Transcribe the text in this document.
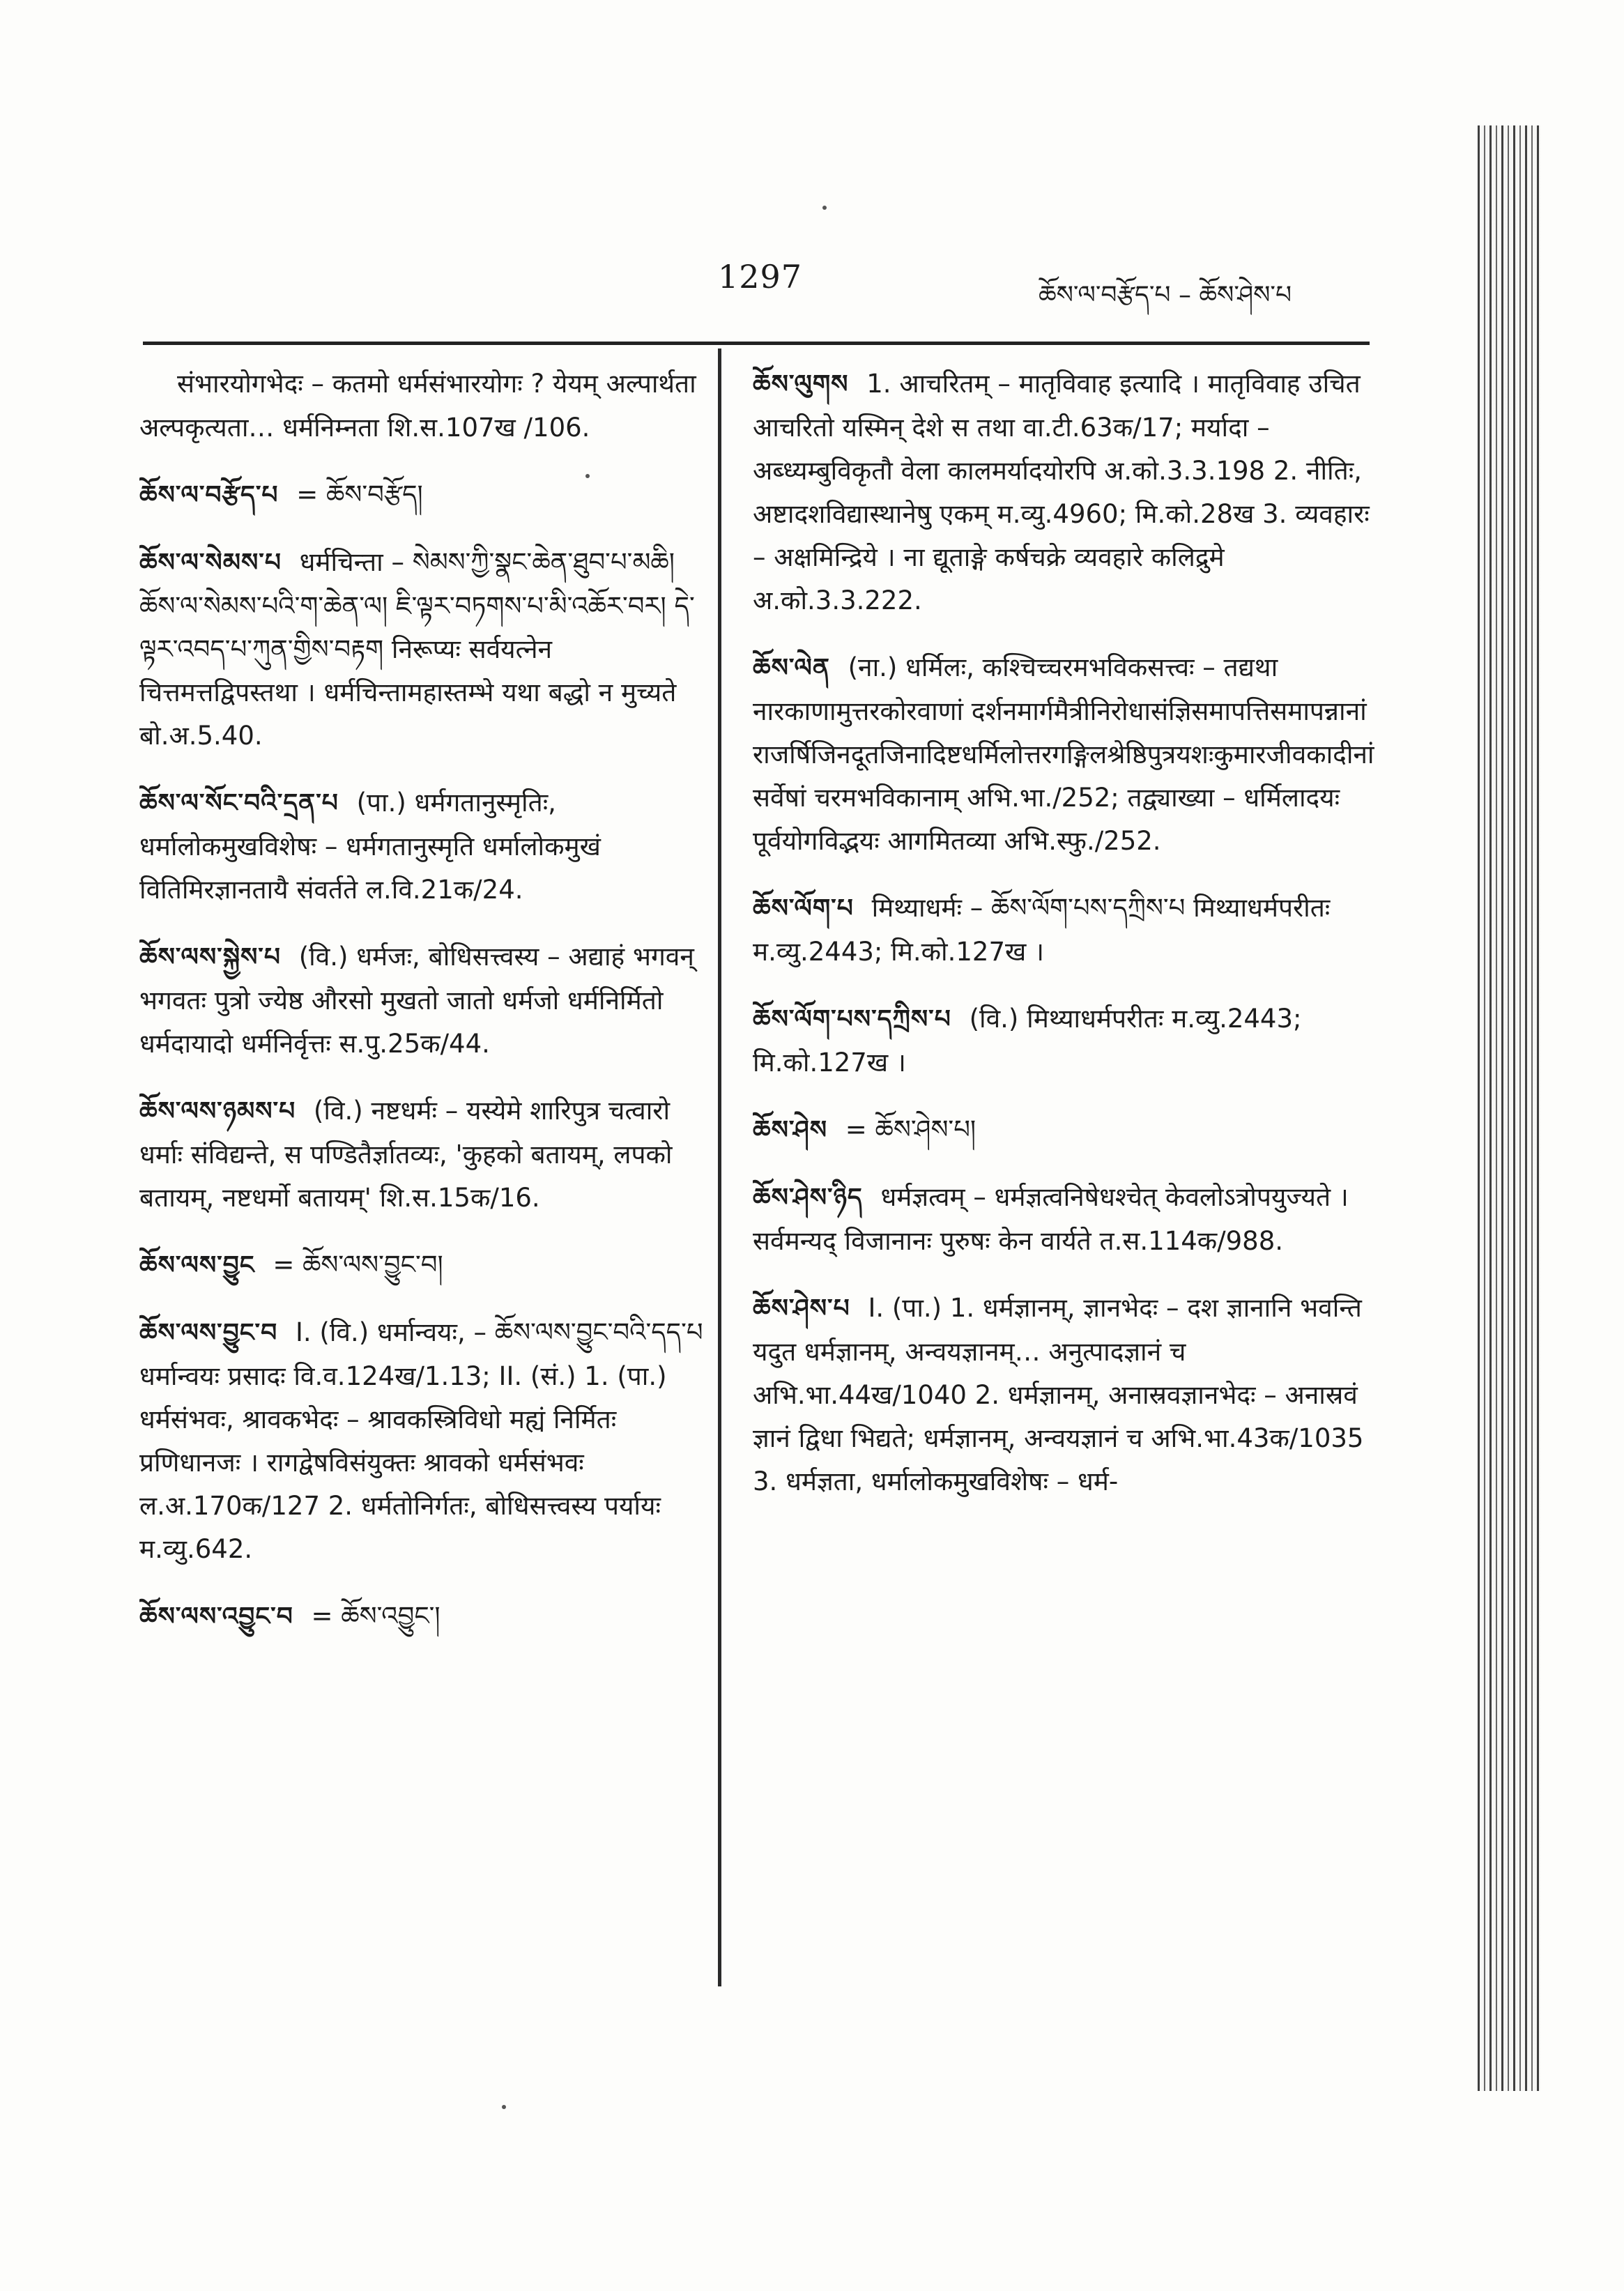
1297	ཆོས་ལ་བརྩོད་པ – ཆོས་ཤེས་པ
संभारयोगभेदः – कतमो धर्मसंभारयोगः ? येयम् अल्पार्थता अल्पकृत्यता… धर्मनिम्नता शि.स.107ख /106.
ཆོས་ལ་བརྩོད་པ = ཆོས་བརྩོད།
ཆོས་ལ་སེམས་པ धर्मचिन्ता – སེམས་ཀྱི་སྣང་ཆེན་ཐུབ་པ་མཆི། ཆོས་ལ་སེམས་པའི་ག་ཆེན་ལ། ཇི་ལྟར་བཏགས་པ་མི་འཆོར་བར། དེ་ལྟར་འབད་པ་ཀུན་གྱིས་བརྟག निरूप्यः सर्वयत्नेन चित्तमत्तद्विपस्तथा । धर्मचिन्तामहास्तम्भे यथा बद्धो न मुच्यते बो.अ.5.40.
ཆོས་ལ་སོང་བའི་དྲན་པ (पा.) धर्मगतानुस्मृतिः, धर्मालोकमुखविशेषः – धर्मगतानुस्मृति धर्मालोकमुखं वितिमिरज्ञानतायै संवर्तते ल.वि.21क/24.
ཆོས་ལས་སྐྱེས་པ (वि.) धर्मजः, बोधिसत्त्वस्य – अद्याहं भगवन् भगवतः पुत्रो ज्येष्ठ औरसो मुखतो जातो धर्मजो धर्मनिर्मितो धर्मदायादो धर्मनिर्वृत्तः स.पु.25क/44.
ཆོས་ལས་ཉམས་པ (वि.) नष्टधर्मः – यस्येमे शारिपुत्र चत्वारो धर्माः संविद्यन्ते, स पण्डितैर्ज्ञातव्यः, 'कुहको बतायम्, लपको बतायम्, नष्टधर्मो बतायम्' शि.स.15क/16.
ཆོས་ལས་བྱུང = ཆོས་ལས་བྱུང་བ།
ཆོས་ལས་བྱུང་བ I. (वि.) धर्मान्वयः, – ཆོས་ལས་བྱུང་བའི་དད་པ धर्मान्वयः प्रसादः वि.व.124ख/1.13; II. (सं.) 1. (पा.) धर्मसंभवः, श्रावकभेदः – श्रावकस्त्रिविधो मह्यं निर्मितः प्रणिधानजः । रागद्वेषविसंयुक्तः श्रावको धर्मसंभवः ल.अ.170क/127 2. धर्मतोनिर्गतः, बोधिसत्त्वस्य पर्यायः म.व्यु.642.
ཆོས་ལས་འབྱུང་བ = ཆོས་འབྱུང་།
ཆོས་ལུགས 1. आचरितम् – मातृविवाह इत्यादि । मातृविवाह उचित आचरितो यस्मिन् देशे स तथा वा.टी.63क/17; मर्यादा – अब्ध्यम्बुविकृतौ वेला कालमर्यादयोरपि अ.को.3.3.198 2. नीतिः, अष्टादशविद्यास्थानेषु एकम् म.व्यु.4960; मि.को.28ख 3. व्यवहारः – अक्षमिन्द्रिये । ना द्यूताङ्गे कर्षचक्रे व्यवहारे कलिद्रुमे अ.को.3.3.222.
ཆོས་ལེན (ना.) धर्मिलः, कश्चिच्चरमभविकसत्त्वः – तद्यथा नारकाणामुत्तरकोरवाणां दर्शनमार्गमैत्रीनिरोधासंज्ञिसमापत्तिसमापन्नानां राजर्षिजिनदूतजिनादिष्टधर्मिलोत्तरगङ्गिलश्रेष्ठिपुत्रयशःकुमारजीवकादीनां सर्वेषां चरमभविकानाम् अभि.भा./252; तद्व्याख्या – धर्मिलादयः पूर्वयोगविद्भयः आगमितव्या अभि.स्फु./252.
ཆོས་ལོག་པ मिथ्याधर्मः – ཆོས་ལོག་པས་དཀྲིས་པ मिथ्याधर्मपरीतः म.व्यु.2443; मि.को.127ख ।
ཆོས་ལོག་པས་དཀྲིས་པ (वि.) मिथ्याधर्मपरीतः म.व्यु.2443; मि.को.127ख ।
ཆོས་ཤེས = ཆོས་ཤེས་པ།
ཆོས་ཤེས་ཉིད धर्मज्ञत्वम् – धर्मज्ञत्वनिषेधश्चेत् केवलोऽत्रोपयुज्यते । सर्वमन्यद् विजानानः पुरुषः केन वार्यते त.स.114क/988.
ཆོས་ཤེས་པ I. (पा.) 1. धर्मज्ञानम्, ज्ञानभेदः – दश ज्ञानानि भवन्ति यदुत धर्मज्ञानम्, अन्वयज्ञानम्… अनुत्पादज्ञानं च अभि.भा.44ख/1040 2. धर्मज्ञानम्, अनास्रवज्ञानभेदः – अनास्रवं ज्ञानं द्विधा भिद्यते; धर्मज्ञानम्, अन्वयज्ञानं च अभि.भा.43क/1035 3. धर्मज्ञता, धर्मालोकमुखविशेषः – धर्म-
